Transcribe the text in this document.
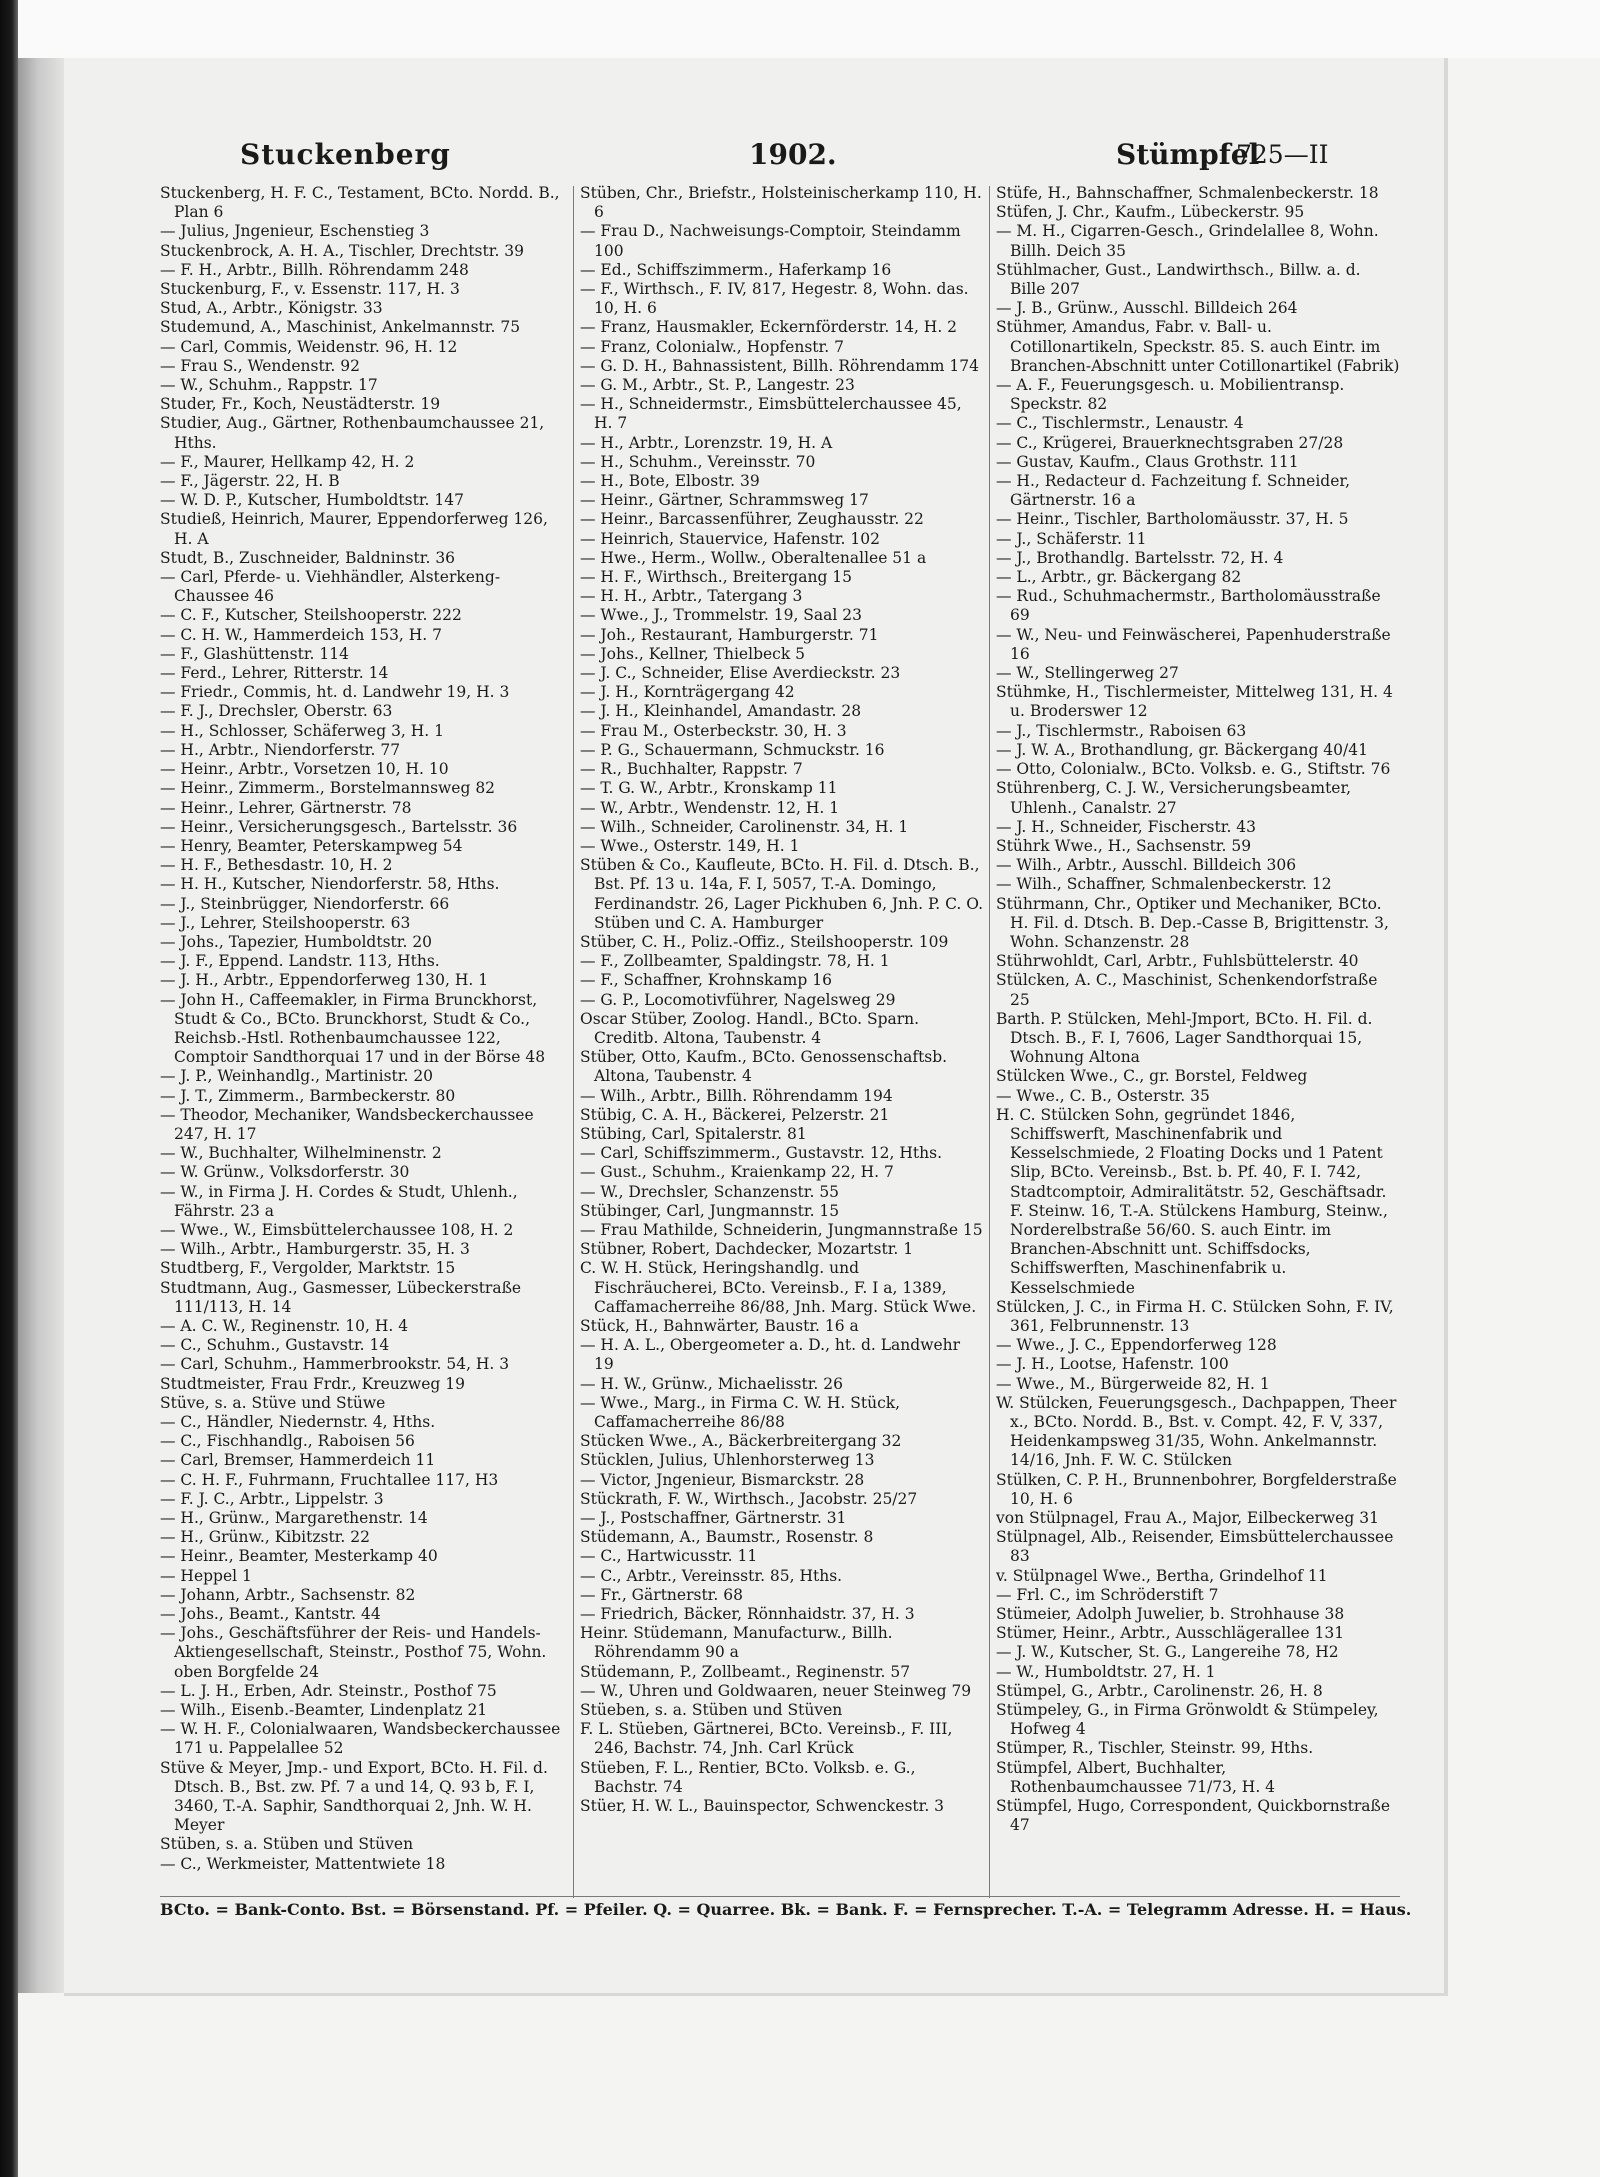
Stuckenberg	1902.	Stümpfel
725—II

Stuckenberg, H. F. C., Testament, BCto. Nordd. B., Plan 6

— Julius, Jngenieur, Eschenstieg 3

Stuckenbrock, A. H. A., Tischler, Drechtstr. 39

— F. H., Arbtr., Billh. Röhrendamm 248

Stuckenburg, F., v. Essenstr. 117, H. 3

Stud, A., Arbtr., Königstr. 33

Studemund, A., Maschinist, Ankelmannstr. 75

— Carl, Commis, Weidenstr. 96, H. 12

— Frau S., Wendenstr. 92

— W., Schuhm., Rappstr. 17

Studer, Fr., Koch, Neustädterstr. 19

Studier, Aug., Gärtner, Rothenbaumchaussee 21, Hths.

— F., Maurer, Hellkamp 42, H. 2

— F., Jägerstr. 22, H. B

— W. D. P., Kutscher, Humboldtstr. 147

Studieß, Heinrich, Maurer, Eppendorferweg 126, H. A

Studt, B., Zuschneider, Baldninstr. 36

— Carl, Pferde- u. Viehhändler, Alsterkeng-Chaussee 46

— C. F., Kutscher, Steilshooperstr. 222

— C. H. W., Hammerdeich 153, H. 7

— F., Glashüttenstr. 114

— Ferd., Lehrer, Ritterstr. 14

— Friedr., Commis, ht. d. Landwehr 19, H. 3

— F. J., Drechsler, Oberstr. 63

— H., Schlosser, Schäferweg 3, H. 1

— H., Arbtr., Niendorferstr. 77

— Heinr., Arbtr., Vorsetzen 10, H. 10

— Heinr., Zimmerm., Borstelmannsweg 82

— Heinr., Lehrer, Gärtnerstr. 78

— Heinr., Versicherungsgesch., Bartelsstr. 36

— Henry, Beamter, Peterskampweg 54

— H. F., Bethesdastr. 10, H. 2

— H. H., Kutscher, Niendorferstr. 58, Hths.

— J., Steinbrügger, Niendorferstr. 66

— J., Lehrer, Steilshooperstr. 63

— Johs., Tapezier, Humboldtstr. 20

— J. F., Eppend. Landstr. 113, Hths.

— J. H., Arbtr., Eppendorferweg 130, H. 1

— John H., Caffeemakler, in Firma Brunckhorst, Studt & Co., BCto. Brunckhorst, Studt & Co., Reichsb.-Hstl. Rothenbaumchaussee 122, Comptoir Sandthorquai 17 und in der Börse 48

— J. P., Weinhandlg., Martinistr. 20

— J. T., Zimmerm., Barmbeckerstr. 80

— Theodor, Mechaniker, Wandsbeckerchaussee 247, H. 17

— W., Buchhalter, Wilhelminenstr. 2

— W. Grünw., Volksdorferstr. 30

— W., in Firma J. H. Cordes & Studt, Uhlenh., Fährstr. 23 a

— Wwe., W., Eimsbüttelerchaussee 108, H. 2

— Wilh., Arbtr., Hamburgerstr. 35, H. 3

Studtberg, F., Vergolder, Marktstr. 15

Studtmann, Aug., Gasmesser, Lübeckerstraße 111/113, H. 14

— A. C. W., Reginenstr. 10, H. 4

— C., Schuhm., Gustavstr. 14

— Carl, Schuhm., Hammerbrookstr. 54, H. 3

Studtmeister, Frau Frdr., Kreuzweg 19

Stüve, s. a. Stüve und Stüwe

— C., Händler, Niedernstr. 4, Hths.

— C., Fischhandlg., Raboisen 56

— Carl, Bremser, Hammerdeich 11

— C. H. F., Fuhrmann, Fruchtallee 117, H3

— F. J. C., Arbtr., Lippelstr. 3

— H., Grünw., Margarethenstr. 14

— H., Grünw., Kibitzstr. 22

— Heinr., Beamter, Mesterkamp 40

— Heppel 1

— Johann, Arbtr., Sachsenstr. 82

— Johs., Beamt., Kantstr. 44

— Johs., Geschäftsführer der Reis- und Handels-Aktiengesellschaft, Steinstr., Posthof 75, Wohn. oben Borgfelde 24

— L. J. H., Erben, Adr. Steinstr., Posthof 75

— Wilh., Eisenb.-Beamter, Lindenplatz 21

— W. H. F., Colonialwaaren, Wandsbeckerchaussee 171 u. Pappelallee 52

Stüve & Meyer, Jmp.- und Export, BCto. H. Fil. d. Dtsch. B., Bst. zw. Pf. 7 a und 14, Q. 93 b, F. I, 3460, T.-A. Saphir, Sandthorquai 2, Jnh. W. H. Meyer

Stüben, s. a. Stüben und Stüven

— C., Werkmeister, Mattentwiete 18

Stüben, Chr., Briefstr., Holsteinischerkamp 110, H. 6

— Frau D., Nachweisungs-Comptoir, Steindamm 100

— Ed., Schiffszimmerm., Haferkamp 16

— F., Wirthsch., F. IV, 817, Hegestr. 8, Wohn. das. 10, H. 6

— Franz, Hausmakler, Eckernförderstr. 14, H. 2

— Franz, Colonialw., Hopfenstr. 7

— G. D. H., Bahnassistent, Billh. Röhrendamm 174

— G. M., Arbtr., St. P., Langestr. 23

— H., Schneidermstr., Eimsbüttelerchaussee 45, H. 7

— H., Arbtr., Lorenzstr. 19, H. A

— H., Schuhm., Vereinsstr. 70

— H., Bote, Elbostr. 39

— Heinr., Gärtner, Schrammsweg 17

— Heinr., Barcassenführer, Zeughausstr. 22

— Heinrich, Stauervice, Hafenstr. 102

— Hwe., Herm., Wollw., Oberaltenallee 51 a

— H. F., Wirthsch., Breitergang 15

— H. H., Arbtr., Tatergang 3

— Wwe., J., Trommelstr. 19, Saal 23

— Joh., Restaurant, Hamburgerstr. 71

— Johs., Kellner, Thielbeck 5

— J. C., Schneider, Elise Averdieckstr. 23

— J. H., Kornträgergang 42

— J. H., Kleinhandel, Amandastr. 28

— Frau M., Osterbeckstr. 30, H. 3

— P. G., Schauermann, Schmuckstr. 16

— R., Buchhalter, Rappstr. 7

— T. G. W., Arbtr., Kronskamp 11

— W., Arbtr., Wendenstr. 12, H. 1

— Wilh., Schneider, Carolinenstr. 34, H. 1

— Wwe., Osterstr. 149, H. 1

Stüben & Co., Kaufleute, BCto. H. Fil. d. Dtsch. B., Bst. Pf. 13 u. 14a, F. I, 5057, T.-A. Domingo, Ferdinandstr. 26, Lager Pickhuben 6, Jnh. P. C. O. Stüben und C. A. Hamburger

Stüber, C. H., Poliz.-Offiz., Steilshooperstr. 109

— F., Zollbeamter, Spaldingstr. 78, H. 1

— F., Schaffner, Krohnskamp 16

— G. P., Locomotivführer, Nagelsweg 29

Oscar Stüber, Zoolog. Handl., BCto. Sparn. Creditb. Altona, Taubenstr. 4

Stüber, Otto, Kaufm., BCto. Genossenschaftsb. Altona, Taubenstr. 4

— Wilh., Arbtr., Billh. Röhrendamm 194

Stübig, C. A. H., Bäckerei, Pelzerstr. 21

Stübing, Carl, Spitalerstr. 81

— Carl, Schiffszimmerm., Gustavstr. 12, Hths.

— Gust., Schuhm., Kraienkamp 22, H. 7

— W., Drechsler, Schanzenstr. 55

Stübinger, Carl, Jungmannstr. 15

— Frau Mathilde, Schneiderin, Jungmannstraße 15

Stübner, Robert, Dachdecker, Mozartstr. 1

C. W. H. Stück, Heringshandlg. und Fischräucherei, BCto. Vereinsb., F. I a, 1389, Caffamacherreihe 86/88, Jnh. Marg. Stück Wwe.

Stück, H., Bahnwärter, Baustr. 16 a

— H. A. L., Obergeometer a. D., ht. d. Landwehr 19

— H. W., Grünw., Michaelisstr. 26

— Wwe., Marg., in Firma C. W. H. Stück, Caffamacherreihe 86/88

Stücken Wwe., A., Bäckerbreitergang 32

Stücklen, Julius, Uhlenhorsterweg 13

— Victor, Jngenieur, Bismarckstr. 28

Stückrath, F. W., Wirthsch., Jacobstr. 25/27

— J., Postschaffner, Gärtnerstr. 31

Stüdemann, A., Baumstr., Rosenstr. 8

— C., Hartwicusstr. 11

— C., Arbtr., Vereinsstr. 85, Hths.

— Fr., Gärtnerstr. 68

— Friedrich, Bäcker, Rönnhaidstr. 37, H. 3

Heinr. Stüdemann, Manufacturw., Billh. Röhrendamm 90 a

Stüdemann, P., Zollbeamt., Reginenstr. 57

— W., Uhren und Goldwaaren, neuer Steinweg 79

Stüeben, s. a. Stüben und Stüven

F. L. Stüeben, Gärtnerei, BCto. Vereinsb., F. III, 246, Bachstr. 74, Jnh. Carl Krück

Stüeben, F. L., Rentier, BCto. Volksb. e. G., Bachstr. 74

Stüer, H. W. L., Bauinspector, Schwenckestr. 3

Stüfe, H., Bahnschaffner, Schmalenbeckerstr. 18

Stüfen, J. Chr., Kaufm., Lübeckerstr. 95

— M. H., Cigarren-Gesch., Grindelallee 8, Wohn. Billh. Deich 35

Stühlmacher, Gust., Landwirthsch., Billw. a. d. Bille 207

— J. B., Grünw., Ausschl. Billdeich 264

Stühmer, Amandus, Fabr. v. Ball- u. Cotillonartikeln, Speckstr. 85. S. auch Eintr. im Branchen-Abschnitt unter Cotillonartikel (Fabrik)

— A. F., Feuerungsgesch. u. Mobilientransp. Speckstr. 82

— C., Tischlermstr., Lenaustr. 4

— C., Krügerei, Brauerknechtsgraben 27/28

— Gustav, Kaufm., Claus Grothstr. 111

— H., Redacteur d. Fachzeitung f. Schneider, Gärtnerstr. 16 a

— Heinr., Tischler, Bartholomäusstr. 37, H. 5

— J., Schäferstr. 11

— J., Brothandlg. Bartelsstr. 72, H. 4

— L., Arbtr., gr. Bäckergang 82

— Rud., Schuhmachermstr., Bartholomäusstraße 69

— W., Neu- und Feinwäscherei, Papenhuderstraße 16

— W., Stellingerweg 27

Stühmke, H., Tischlermeister, Mittelweg 131, H. 4 u. Broderswег 12

— J., Tischlermstr., Raboisen 63

— J. W. A., Brothandlung, gr. Bäckergang 40/41

— Otto, Colonialw., BCto. Volksb. e. G., Stiftstr. 76

Stührenberg, C. J. W., Versicherungsbeamter, Uhlenh., Canalstr. 27

— J. H., Schneider, Fischerstr. 43

Stührk Wwe., H., Sachsenstr. 59

— Wilh., Arbtr., Ausschl. Billdeich 306

— Wilh., Schaffner, Schmalenbeckerstr. 12

Stührmann, Chr., Optiker und Mechaniker, BCto. H. Fil. d. Dtsch. B. Dep.-Casse B, Brigittenstr. 3, Wohn. Schanzenstr. 28

Stührwohldt, Carl, Arbtr., Fuhlsbüttelerstr. 40

Stülcken, A. C., Maschinist, Schenkendorfstraße 25

Barth. P. Stülcken, Mehl-Jmport, BCto. H. Fil. d. Dtsch. B., F. I, 7606, Lager Sandthorquai 15, Wohnung Altona

Stülcken Wwe., C., gr. Borstel, Feldweg

— Wwe., C. B., Osterstr. 35

H. C. Stülcken Sohn, gegründet 1846, Schiffswerft, Maschinenfabrik und Kesselschmiede, 2 Floating Docks und 1 Patent Slip, BCto. Vereinsb., Bst. b. Pf. 40, F. I. 742, Stadtcomptoir, Admiralitätstr. 52, Geschäftsadr. F. Steinw. 16, T.-A. Stülckens Hamburg, Steinw., Norderelbstraße 56/60. S. auch Eintr. im Branchen-Abschnitt unt. Schiffsdocks, Schiffswerften, Maschinenfabrik u. Kesselschmiede

Stülcken, J. C., in Firma H. C. Stülcken Sohn, F. IV, 361, Felbrunnenstr. 13

— Wwe., J. C., Eppendorferweg 128

— J. H., Lootse, Hafenstr. 100

— Wwe., M., Bürgerweide 82, H. 1

W. Stülcken, Feuerungsgesch., Dachpappen, Theer x., BCto. Nordd. B., Bst. v. Compt. 42, F. V, 337, Heidenkampsweg 31/35, Wohn. Ankelmannstr. 14/16, Jnh. F. W. C. Stülcken

Stülken, C. P. H., Brunnenbohrer, Borgfelderstraße 10, H. 6

von Stülpnagel, Frau A., Major, Eilbeckerweg 31

Stülpnagel, Alb., Reisender, Eimsbüttelerchaussee 83

v. Stülpnagel Wwe., Bertha, Grindelhof 11

— Frl. C., im Schröderstift 7

Stümeier, Adolph Juwelier, b. Strohhause 38

Stümer, Heinr., Arbtr., Ausschlägerallee 131

— J. W., Kutscher, St. G., Langereihe 78, H2

— W., Humboldtstr. 27, H. 1

Stümpel, G., Arbtr., Carolinenstr. 26, H. 8

Stümpeley, G., in Firma Grönwoldt & Stümpeley, Hofweg 4

Stümper, R., Tischler, Steinstr. 99, Hths.

Stümpfel, Albert, Buchhalter, Rothenbaumchaussee 71/73, H. 4

Stümpfel, Hugo, Correspondent, Quickbornstraße 47

BCto. = Bank-Conto. Bst. = Börsenstand. Pf. = Pfeiler. Q. = Quarree. Bk. = Bank. F. = Fernsprecher. T.-A. = Telegramm Adresse. H. = Haus.
